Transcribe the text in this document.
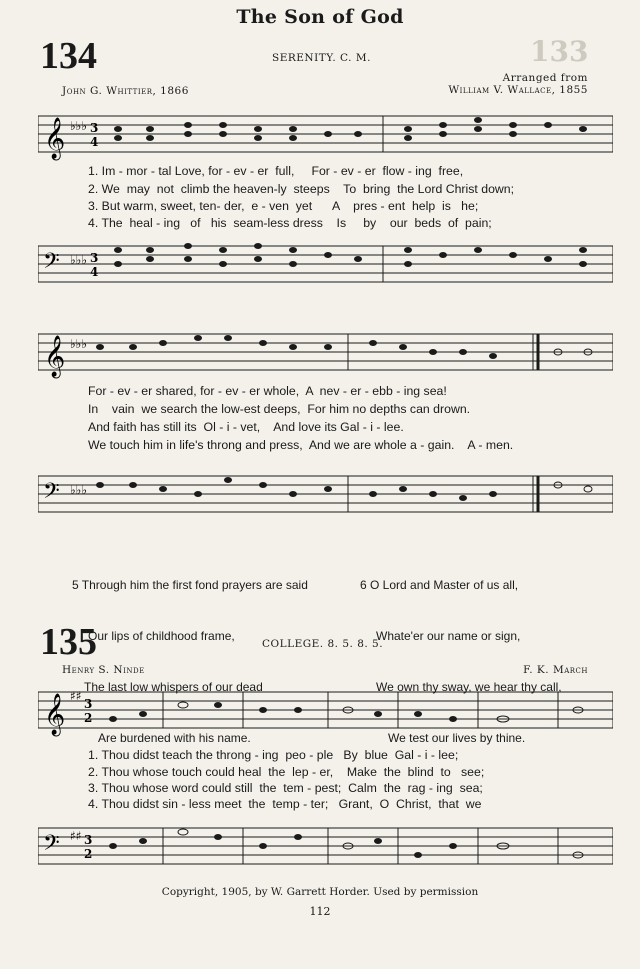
133
The Son of God
134	SERENITY. C. M.
John G. Whittier, 1866
Arranged from
William V. Wallace, 1855
𝄞 ♭♭♭ 3
4
1. Im - mor - tal Love, for - ev - er  full,     For - ev - er  flow - ing  free,
2. We  may  not  climb the heaven-ly  steeps    To  bring  the Lord Christ down;
3. But warm, sweet, ten- der,  e - ven  yet      A    pres - ent  help  is   he;
4. The  heal - ing   of   his  seam-less dress    Is     by    our  beds  of  pain;
𝄢 ♭♭♭ 3
4
𝄞 ♭♭♭
For - ev - er shared, for - ev - er whole,  A  nev - er - ebb - ing sea!
In    vain  we search the low-est deeps,  For him no depths can drown.
And faith has still its  Ol - i - vet,    And love its Gal - i - lee.
We touch him in life's throng and press,  And we are whole a - gain.    A - men.
𝄢 ♭♭♭

5 Through him the first fond prayers are said

Our lips of childhood frame,

The last low whispers of our dead

Are burdened with his name.

6 O Lord and Master of us all,

Whate'er our name or sign,

We own thy sway, we hear thy call,

We test our lives by thine.

135	COLLEGE. 8. 5. 8. 5.
Henry S. Ninde	F. K. March
𝄞 ♯♯
3
2
1. Thou didst teach the throng - ing  peo - ple   By  blue  Gal - i - lee;
2. Thou whose touch could heal  the  lep - er,    Make  the  blind  to   see;
3. Thou whose word could still  the  tem - pest;  Calm  the  rag - ing  sea;
4. Thou didst sin - less meet  the  temp - ter;   Grant,  O  Christ,  that  we
𝄢 ♯♯ 3
2
Copyright, 1905, by W. Garrett Horder. Used by permission
112
